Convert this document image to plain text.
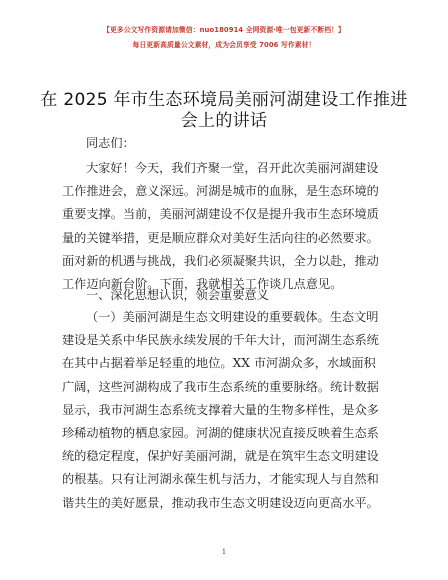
【更多公文写作资源请加微信：nuo180914 全网资源·唯一包更新不断档！】
每日更新高质量公文素材，成为会员享受 7006 写作素材！
在 2025 年市生态环境局美丽河湖建设工作推进会上的讲话
同志们：
大家好！今天，我们齐聚一堂，召开此次美丽河湖建设工作推进会，意义深远。河湖是城市的血脉，是生态环境的重要支撑。当前，美丽河湖建设不仅是提升我市生态环境质量的关键举措，更是顺应群众对美好生活向往的必然要求。面对新的机遇与挑战，我们必须凝聚共识，全力以赴，推动工作迈向新台阶。下面，我就相关工作谈几点意见。
一、深化思想认识，领会重要意义
（一）美丽河湖是生态文明建设的重要载体。生态文明建设是关系中华民族永续发展的千年大计，而河湖生态系统在其中占据着举足轻重的地位。XX 市河湖众多，水域面积广阔，这些河湖构成了我市生态系统的重要脉络。统计数据显示，我市河湖生态系统支撑着大量的生物多样性，是众多珍稀动植物的栖息家园。河湖的健康状况直接反映着生态系统的稳定程度，保护好美丽河湖，就是在筑牢生态文明建设的根基。只有让河湖永葆生机与活力，才能实现人与自然和谐共生的美好愿景，推动我市生态文明建设迈向更高水平。
1
